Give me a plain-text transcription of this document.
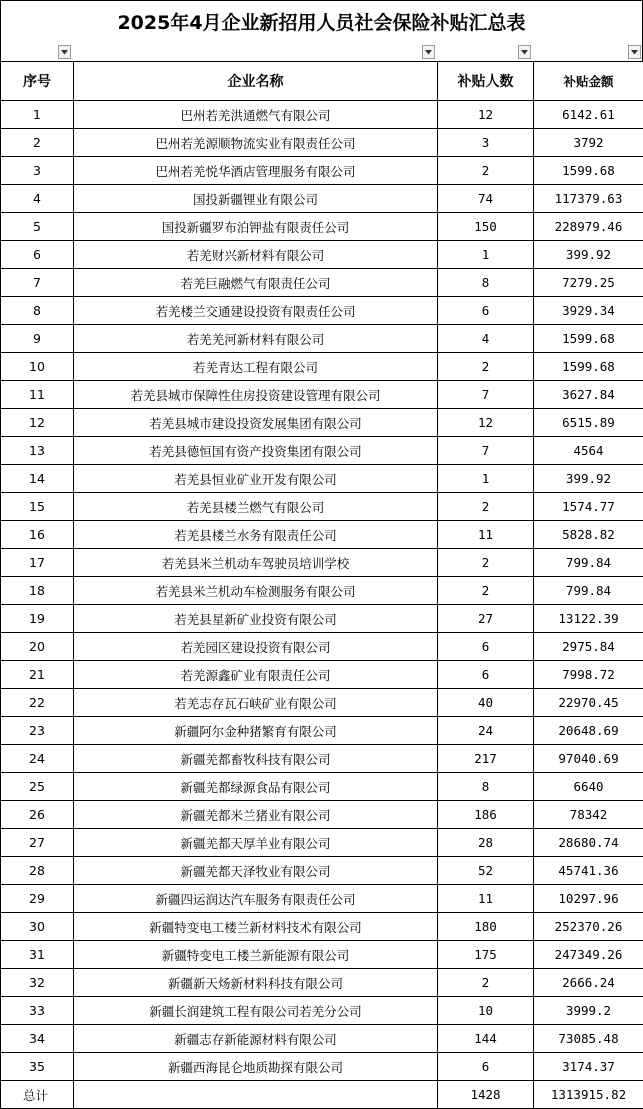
2025年4月企业新招用人员社会保险补贴汇总表
序号	企业名称	补贴人数	补贴金额
1	巴州若羌洪通燃气有限公司	12	6142.61
2	巴州若羌源顺物流实业有限责任公司	3	3792
3	巴州若羌悦华酒店管理服务有限公司	2	1599.68
4	国投新疆锂业有限公司	74	117379.63
5	国投新疆罗布泊钾盐有限责任公司	150	228979.46
6	若羌财兴新材料有限公司	1	399.92
7	若羌巨融燃气有限责任公司	8	7279.25
8	若羌楼兰交通建设投资有限责任公司	6	3929.34
9	若羌羌河新材料有限公司	4	1599.68
10	若羌青达工程有限公司	2	1599.68
11	若羌县城市保障性住房投资建设管理有限公司	7	3627.84
12	若羌县城市建设投资发展集团有限公司	12	6515.89
13	若羌县德恒国有资产投资集团有限公司	7	4564
14	若羌县恒业矿业开发有限公司	1	399.92
15	若羌县楼兰燃气有限公司	2	1574.77
16	若羌县楼兰水务有限责任公司	11	5828.82
17	若羌县米兰机动车驾驶员培训学校	2	799.84
18	若羌县米兰机动车检测服务有限公司	2	799.84
19	若羌县星新矿业投资有限公司	27	13122.39
20	若羌园区建设投资有限公司	6	2975.84
21	若羌源鑫矿业有限责任公司	6	7998.72
22	若羌志存瓦石峡矿业有限公司	40	22970.45
23	新疆阿尔金种猪繁育有限公司	24	20648.69
24	新疆羌都畜牧科技有限公司	217	97040.69
25	新疆羌都绿源食品有限公司	8	6640
26	新疆羌都米兰猪业有限公司	186	78342
27	新疆羌都天厚羊业有限公司	28	28680.74
28	新疆羌都天泽牧业有限公司	52	45741.36
29	新疆四运润达汽车服务有限责任公司	11	10297.96
30	新疆特变电工楼兰新材料技术有限公司	180	252370.26
31	新疆特变电工楼兰新能源有限公司	175	247349.26
32	新疆新天炀新材料科技有限公司	2	2666.24
33	新疆长润建筑工程有限公司若羌分公司	10	3999.2
34	新疆志存新能源材料有限公司	144	73085.48
35	新疆西海昆仑地质勘探有限公司	6	3174.37
总计		1428	1313915.82
